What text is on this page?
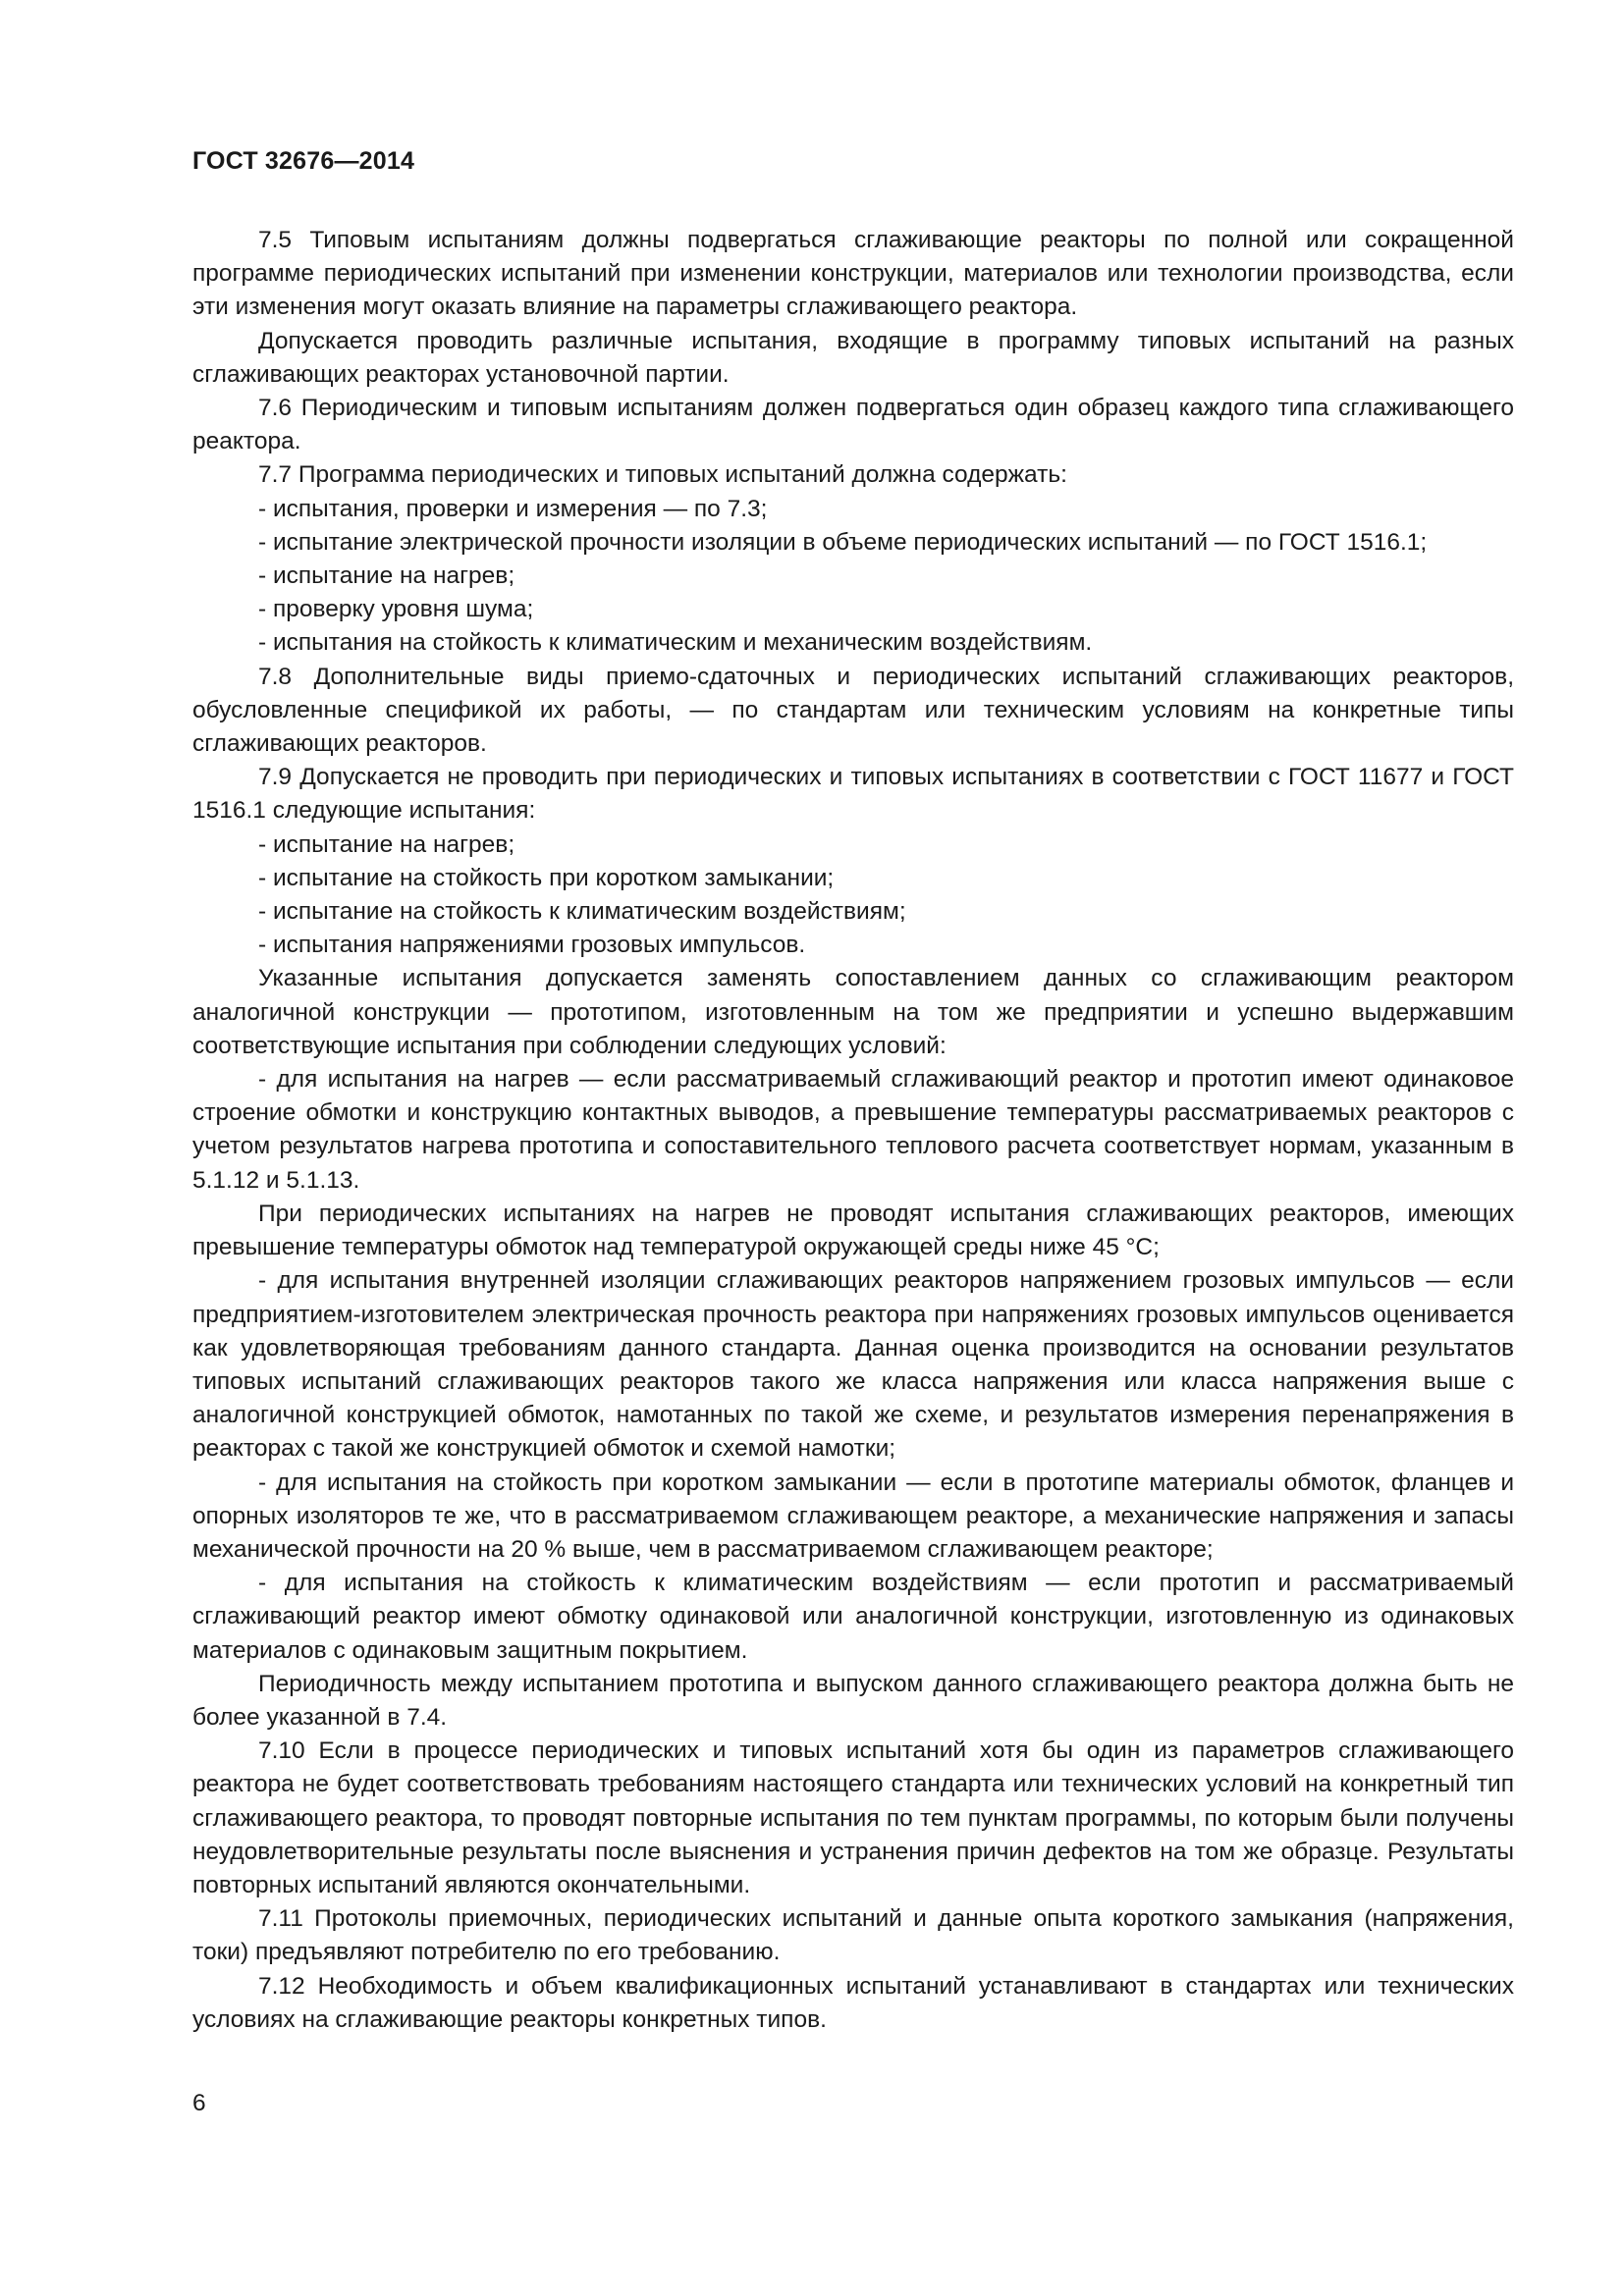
ГОСТ 32676—2014

7.5 Типовым испытаниям должны подвергаться сглаживающие реакторы по полной или сокращенной программе периодических испытаний при изменении конструкции, материалов или технологии производства, если эти изменения могут оказать влияние на параметры сглаживающего реактора.

Допускается проводить различные испытания, входящие в программу типовых испытаний на разных сглаживающих реакторах установочной партии.

7.6 Периодическим и типовым испытаниям должен подвергаться один образец каждого типа сглаживающего реактора.

7.7 Программа периодических и типовых испытаний должна содержать:

- испытания, проверки и измерения — по 7.3;

- испытание электрической прочности изоляции в объеме периодических испытаний — по ГОСТ 1516.1;

- испытание на нагрев;

- проверку уровня шума;

- испытания на стойкость к климатическим и механическим воздействиям.

7.8 Дополнительные виды приемо-сдаточных и периодических испытаний сглаживающих реакторов, обусловленные спецификой их работы, — по стандартам или техническим условиям на конкретные типы сглаживающих реакторов.

7.9 Допускается не проводить при периодических и типовых испытаниях в соответствии с ГОСТ 11677 и ГОСТ 1516.1 следующие испытания:

- испытание на нагрев;

- испытание на стойкость при коротком замыкании;

- испытание на стойкость к климатическим воздействиям;

- испытания напряжениями грозовых импульсов.

Указанные испытания допускается заменять сопоставлением данных со сглаживающим реактором аналогичной конструкции — прототипом, изготовленным на том же предприятии и успешно выдержавшим соответствующие испытания при соблюдении следующих условий:

- для испытания на нагрев — если рассматриваемый сглаживающий реактор и прототип имеют одинаковое строение обмотки и конструкцию контактных выводов, а превышение температуры рассматриваемых реакторов с учетом результатов нагрева прототипа и сопоставительного теплового расчета соответствует нормам, указанным в 5.1.12 и 5.1.13.

При периодических испытаниях на нагрев не проводят испытания сглаживающих реакторов, имеющих превышение температуры обмоток над температурой окружающей среды ниже 45 °С;

- для испытания внутренней изоляции сглаживающих реакторов напряжением грозовых импульсов — если предприятием-изготовителем электрическая прочность реактора при напряжениях грозовых импульсов оценивается как удовлетворяющая требованиям данного стандарта. Данная оценка производится на основании результатов типовых испытаний сглаживающих реакторов такого же класса напряжения или класса напряжения выше с аналогичной конструкцией обмоток, намотанных по такой же схеме, и результатов измерения перенапряжения в реакторах с такой же конструкцией обмоток и схемой намотки;

- для испытания на стойкость при коротком замыкании — если в прототипе материалы обмоток, фланцев и опорных изоляторов те же, что в рассматриваемом сглаживающем реакторе, а механические напряжения и запасы механической прочности на 20 % выше, чем в рассматриваемом сглаживающем реакторе;

- для испытания на стойкость к климатическим воздействиям — если прототип и рассматриваемый сглаживающий реактор имеют обмотку одинаковой или аналогичной конструкции, изготовленную из одинаковых материалов с одинаковым защитным покрытием.

Периодичность между испытанием прототипа и выпуском данного сглаживающего реактора должна быть не более указанной в 7.4.

7.10 Если в процессе периодических и типовых испытаний хотя бы один из параметров сглаживающего реактора не будет соответствовать требованиям настоящего стандарта или технических условий на конкретный тип сглаживающего реактора, то проводят повторные испытания по тем пунктам программы, по которым были получены неудовлетворительные результаты после выяснения и устранения причин дефектов на том же образце. Результаты повторных испытаний являются окончательными.

7.11 Протоколы приемочных, периодических испытаний и данные опыта короткого замыкания (напряжения, токи) предъявляют потребителю по его требованию.

7.12 Необходимость и объем квалификационных испытаний устанавливают в стандартах или технических условиях на сглаживающие реакторы конкретных типов.

6
